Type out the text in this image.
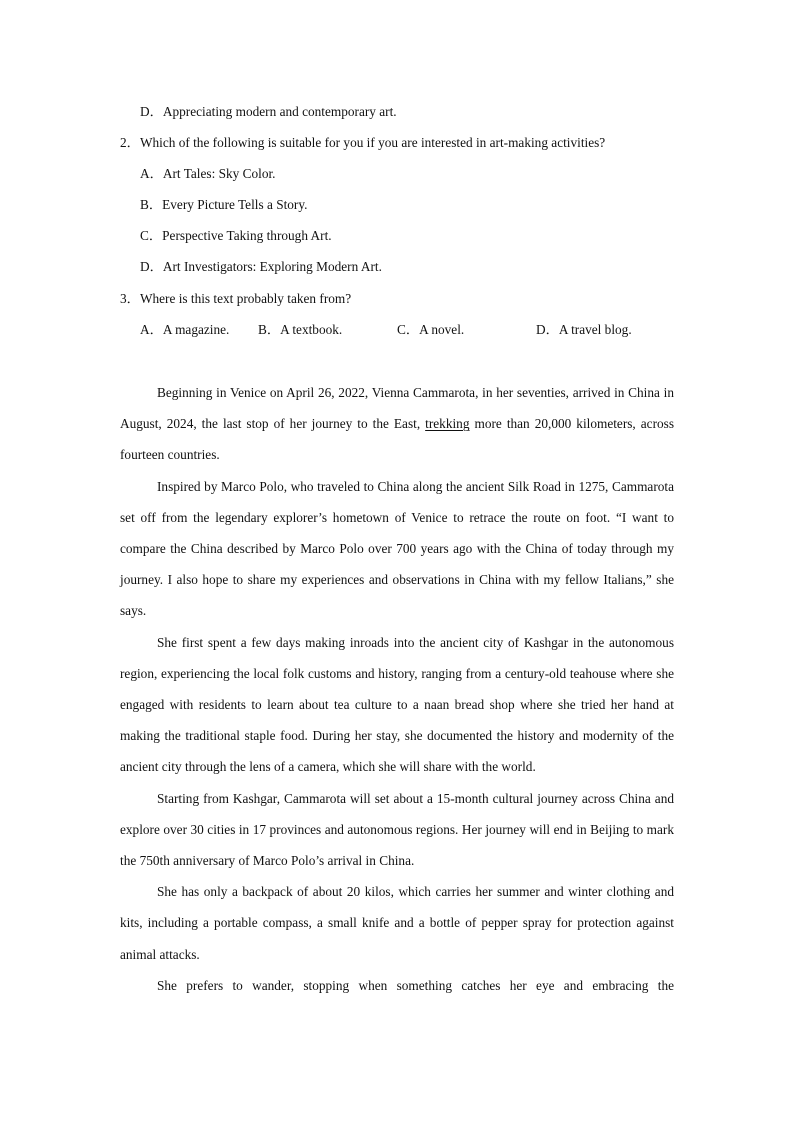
D．Appreciating modern and contemporary art.
2．Which of the following is suitable for you if you are interested in art-making activities?
A．Art Tales: Sky Color.
B．Every Picture Tells a Story.
C．Perspective Taking through Art.
D．Art Investigators: Exploring Modern Art.
3．Where is this text probably taken from?
A．A magazine. B．A textbook.	C．A novel.	D．A travel blog.

Beginning in Venice on April 26, 2022, Vienna Cammarota, in her seventies, arrived in China in August, 2024, the last stop of her journey to the East, trekking more than 20,000 kilometers, across fourteen countries.

Inspired by Marco Polo, who traveled to China along the ancient Silk Road in 1275, Cammarota set off from the legendary explorer’s hometown of Venice to retrace the route on foot. “I want to compare the China described by Marco Polo over 700 years ago with the China of today through my journey. I also hope to share my experiences and observations in China with my fellow Italians,” she says.

She first spent a few days making inroads into the ancient city of Kashgar in the autonomous region, experiencing the local folk customs and history, ranging from a century-old teahouse where she engaged with residents to learn about tea culture to a naan bread shop where she tried her hand at making the traditional staple food. During her stay, she documented the history and modernity of the ancient city through the lens of a camera, which she will share with the world.

Starting from Kashgar, Cammarota will set about a 15-month cultural journey across China and explore over 30 cities in 17 provinces and autonomous regions. Her journey will end in Beijing to mark the 750th anniversary of Marco Polo’s arrival in China.

She has only a backpack of about 20 kilos, which carries her summer and winter clothing and kits, including a portable compass, a small knife and a bottle of pepper spray for protection against animal attacks.

She prefers to wander, stopping when something catches her eye and embracing the
